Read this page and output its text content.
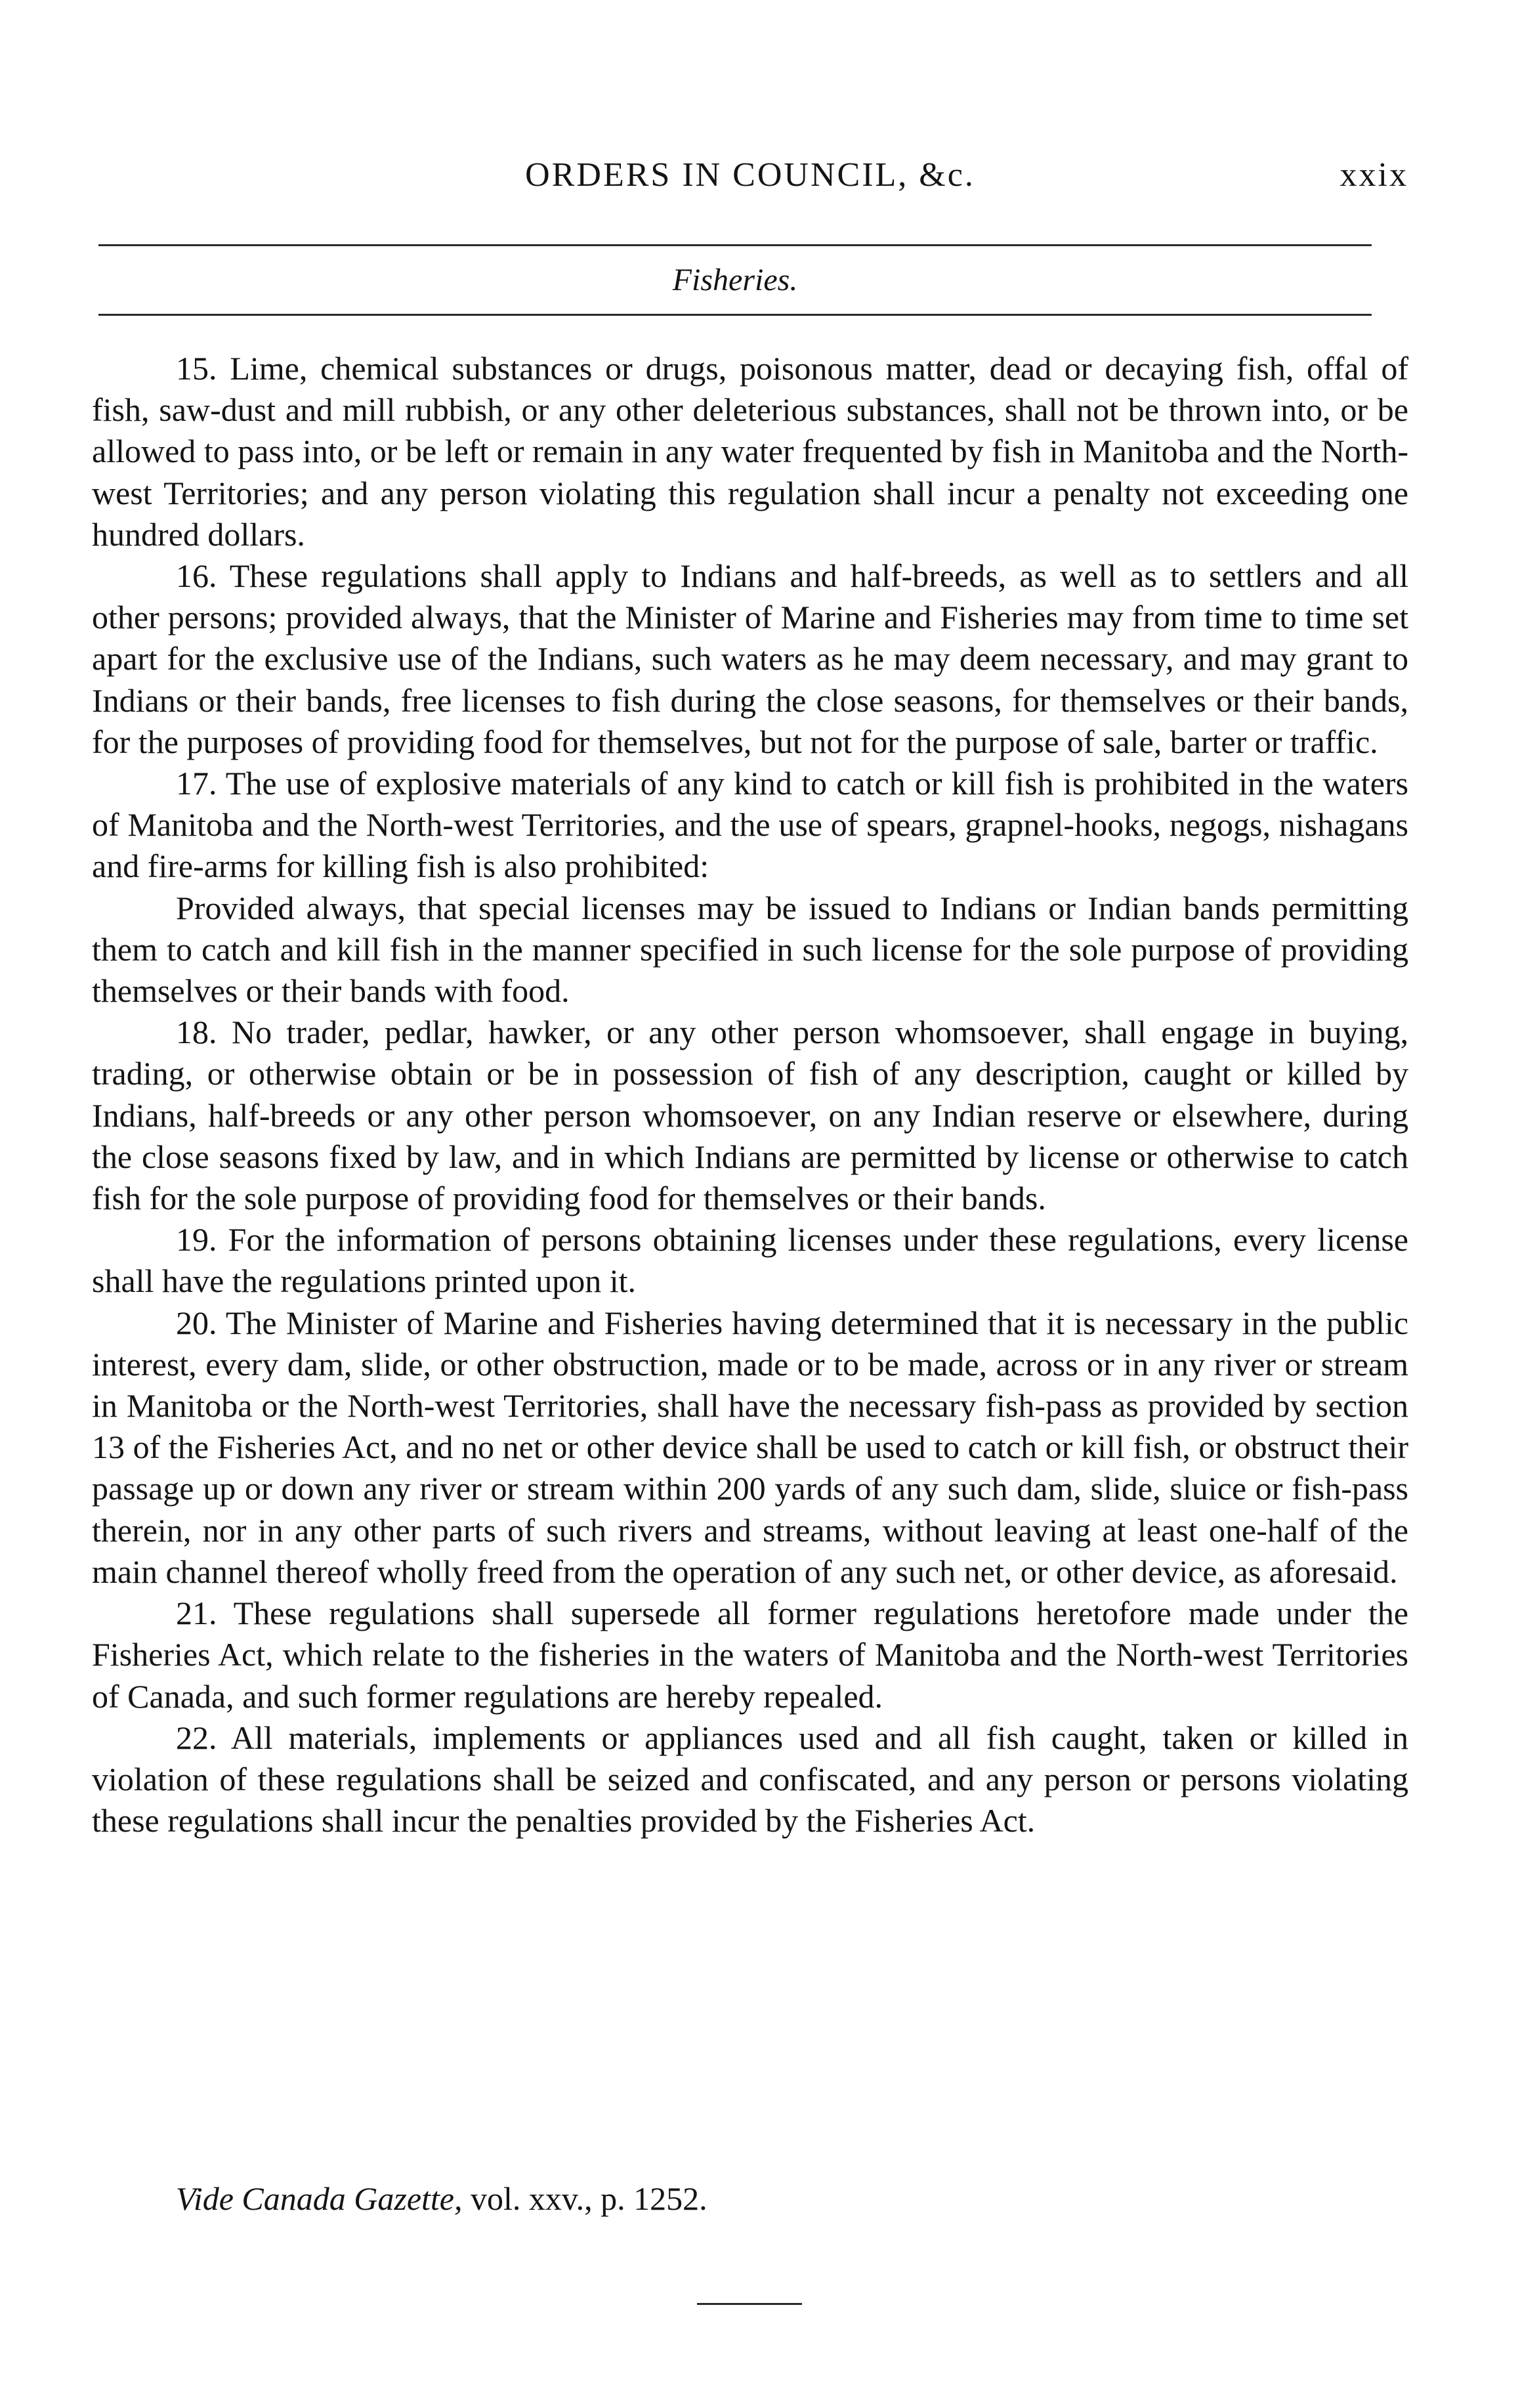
ORDERS IN COUNCIL, &c.	xxix
Fisheries.

15. Lime, chemical substances or drugs, poisonous matter, dead or decaying fish, offal of fish, saw-dust and mill rubbish, or any other deleterious substances, shall not be thrown into, or be allowed to pass into, or be left or remain in any water frequented by fish in Manitoba and the North-west Territories; and any person violating this regulation shall incur a penalty not exceeding one hundred dollars.

16. These regulations shall apply to Indians and half-breeds, as well as to settlers and all other persons; provided always, that the Minister of Marine and Fisheries may from time to time set apart for the exclusive use of the Indians, such waters as he may deem necessary, and may grant to Indians or their bands, free licenses to fish during the close seasons, for themselves or their bands, for the purposes of providing food for themselves, but not for the purpose of sale, barter or traffic.

17. The use of explosive materials of any kind to catch or kill fish is prohibited in the waters of Manitoba and the North-west Territories, and the use of spears, grapnel-hooks, negogs, nishagans and fire-arms for killing fish is also prohibited:

Provided always, that special licenses may be issued to Indians or Indian bands permitting them to catch and kill fish in the manner specified in such license for the sole purpose of providing themselves or their bands with food.

18. No trader, pedlar, hawker, or any other person whomsoever, shall engage in buying, trading, or otherwise obtain or be in possession of fish of any description, caught or killed by Indians, half-breeds or any other person whomsoever, on any Indian reserve or elsewhere, during the close seasons fixed by law, and in which Indians are permitted by license or otherwise to catch fish for the sole purpose of providing food for themselves or their bands.

19. For the information of persons obtaining licenses under these regulations, every license shall have the regulations printed upon it.

20. The Minister of Marine and Fisheries having determined that it is necessary in the public interest, every dam, slide, or other obstruction, made or to be made, across or in any river or stream in Manitoba or the North-west Territories, shall have the necessary fish-pass as provided by section 13 of the Fisheries Act, and no net or other device shall be used to catch or kill fish, or obstruct their passage up or down any river or stream within 200 yards of any such dam, slide, sluice or fish-pass therein, nor in any other parts of such rivers and streams, without leaving at least one-half of the main channel thereof wholly freed from the operation of any such net, or other device, as aforesaid.

21. These regulations shall supersede all former regulations heretofore made under the Fisheries Act, which relate to the fisheries in the waters of Manitoba and the North-west Territories of Canada, and such former regulations are hereby repealed.

22. All materials, implements or appliances used and all fish caught, taken or killed in violation of these regulations shall be seized and confiscated, and any person or persons violating these regulations shall incur the penalties provided by the Fisheries Act.

Vide Canada Gazette, vol. xxv., p. 1252.
